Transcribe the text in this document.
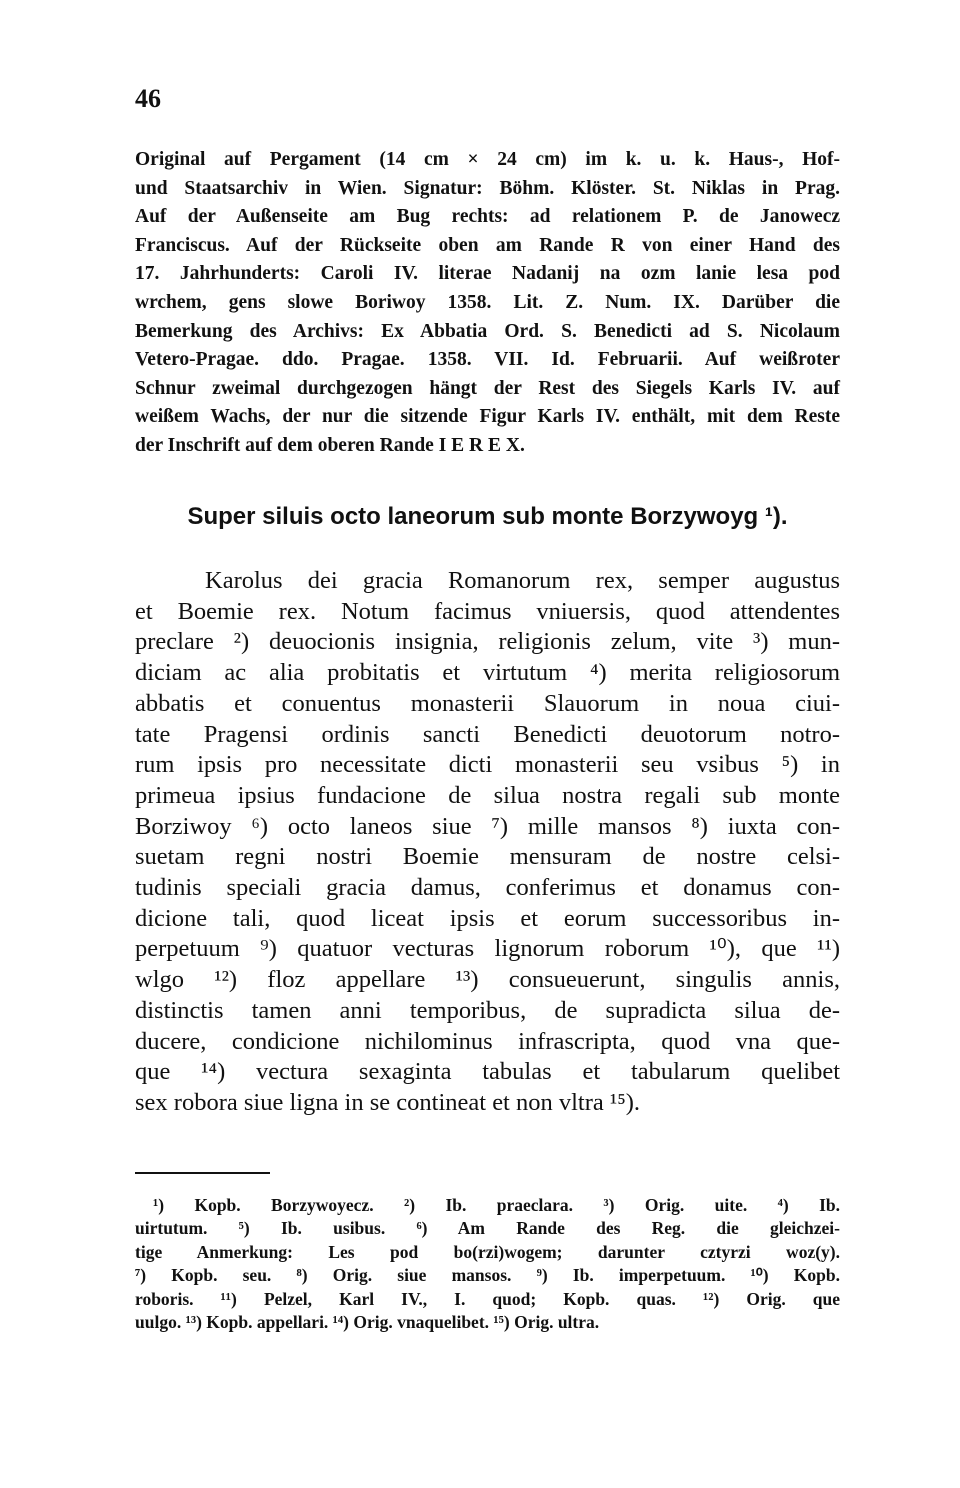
46
Original auf Pergament (14 cm × 24 cm) im k. u. k. Haus-, Hof-
und Staatsarchiv in Wien. Signatur: Böhm. Klöster. St. Niklas in Prag.
Auf der Außenseite am Bug rechts: ad relationem P. de Janowecz
Franciscus. Auf der Rückseite oben am Rande R von einer Hand des
17. Jahrhunderts: Caroli IV. literae Nadanij na ozm lanie lesa pod
wrchem, gens slowe Boriwoy 1358. Lit. Z. Num. IX. Darüber die
Bemerkung des Archivs: Ex Abbatia Ord. S. Benedicti ad S. Nicolaum
Vetero-Pragae. ddo. Pragae. 1358. VII. Id. Februarii. Auf weißroter
Schnur zweimal durchgezogen hängt der Rest des Siegels Karls IV. auf
weißem Wachs, der nur die sitzende Figur Karls IV. enthält, mit dem Reste
der Inschrift auf dem oberen Rande I E R E X.
Super siluis octo laneorum sub monte Borzywoyg ¹).
Karolus dei gracia Romanorum rex, semper augustus
et Boemie rex. Notum facimus vniuersis, quod attendentes
preclare ²) deuocionis insignia, religionis zelum, vite ³) mun-
diciam ac alia probitatis et virtutum ⁴) merita religiosorum
abbatis et conuentus monasterii Slauorum in noua ciui-
tate Pragensi ordinis sancti Benedicti deuotorum notro-
rum ipsis pro necessitate dicti monasterii seu vsibus ⁵) in
primeua ipsius fundacione de silua nostra regali sub monte
Borziwoy ⁶) octo laneos siue ⁷) mille mansos ⁸) iuxta con-
suetam regni nostri Boemie mensuram de nostre celsi-
tudinis speciali gracia damus, conferimus et donamus con-
dicione tali, quod liceat ipsis et eorum successoribus in-
perpetuum ⁹) quatuor vecturas lignorum roborum ¹⁰), que ¹¹)
wlgo ¹²) floz appellare ¹³) consueuerunt, singulis annis,
distinctis tamen anni temporibus, de supradicta silua de-
ducere, condicione nichilominus infrascripta, quod vna que-
que ¹⁴) vectura sexaginta tabulas et tabularum quelibet
sex robora siue ligna in se contineat et non vltra ¹⁵).
¹) Kopb. Borzywoyecz. ²) Ib. praeclara. ³) Orig. uite. ⁴) Ib.
uirtutum. ⁵) Ib. usibus. ⁶) Am Rande des Reg. die gleichzei-
tige Anmerkung: Les pod bo(rzi)wogem; darunter cztyrzi woz(y).
⁷) Kopb. seu. ⁸) Orig. siue mansos. ⁹) Ib. imperpetuum. ¹⁰) Kopb.
roboris. ¹¹) Pelzel, Karl IV., I. quod; Kopb. quas. ¹²) Orig. que
uulgo. ¹³) Kopb. appellari. ¹⁴) Orig. vnaquelibet. ¹⁵) Orig. ultra.
